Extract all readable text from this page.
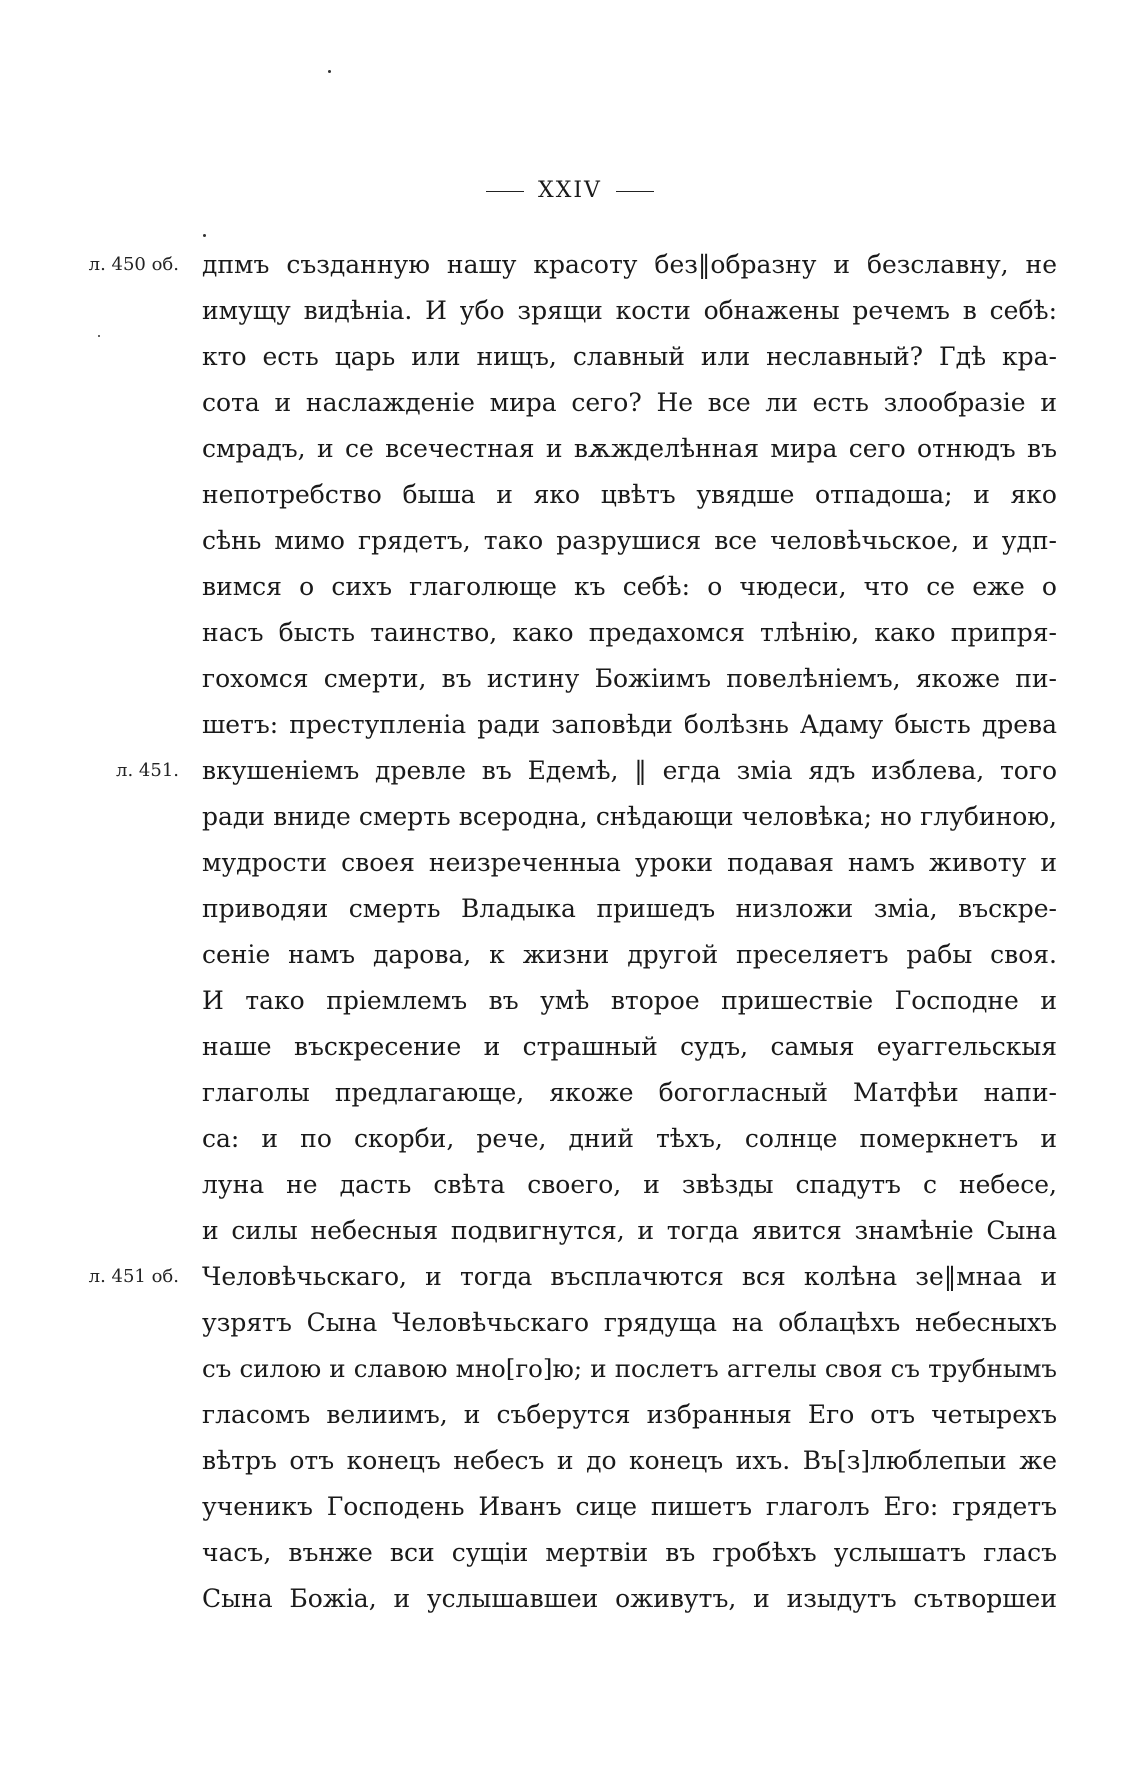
XXIV
дпмъ създанную нашу красоту без‖образну и безславну, не
л. 450 об.
имущу видѣніа. И убо зрящи кости обнажены речемъ в себѣ:
кто есть царь или нищъ, славный или неславный? Гдѣ кра-
сота и наслажденіе мира сего? Не все ли есть злообразіе и
смрадъ, и се всечестная и вѫжделѣнная мира сего отнюдъ въ
непотребство быша и яко цвѣтъ увядше отпадоша; и яко
сѣнь мимо грядетъ, тако разрушися все человѣчьское, и удп-
вимся о сихъ глаголюще къ себѣ: о чюдеси, что се еже о
насъ бысть таинство, како предахомся тлѣнію, како припря-
гохомся смерти, въ истину Божіимъ повелѣніемъ, якоже пи-
шетъ: преступленіа ради заповѣди болѣзнь Адаму бысть древа
вкушеніемъ древле въ Едемѣ, ‖ егда зміа ядъ изблева, того
л. 451.
ради вниде смерть всеродна, снѣдающи человѣка; но глубиною,
мудрости своея неизреченныа уроки подавая намъ животу и
приводяи смерть Владыка пришедъ низложи зміа, въскре-
сеніе намъ дарова, к жизни другой преселяетъ рабы своя.
И тако пріемлемъ въ умѣ второе пришествіе Господне и
наше въскресение и страшный судъ, самыя еуаггельскыя
глаголы предлагающе, якоже богогласный Матфѣи напи-
са: и по скорби, рече, дний тѣхъ, солнце померкнетъ и
луна не дасть свѣта своего, и звѣзды спадутъ с небесе,
и силы небесныя подвигнутся, и тогда явится знамѣніе Сына
Человѣчьскаго, и тогда въсплачются вся колѣна зе‖мнаа и
л. 451 об.
узрятъ Сына Человѣчьскаго грядуща на облацѣхъ небесныхъ
съ силою и славою мно[го]ю; и послетъ аггелы своя съ трубнымъ
гласомъ велиимъ, и съберутся избранныя Его отъ четырехъ
вѣтръ отъ конецъ небесъ и до конецъ ихъ. Въ[з]люблепыи же
ученикъ Господень Иванъ сице пишетъ глаголъ Его: грядетъ
часъ, вънже вси сущіи мертвіи въ гробѣхъ услышатъ гласъ
Сына Божіа, и услышавшеи оживутъ, и изыдутъ сътворшеи
